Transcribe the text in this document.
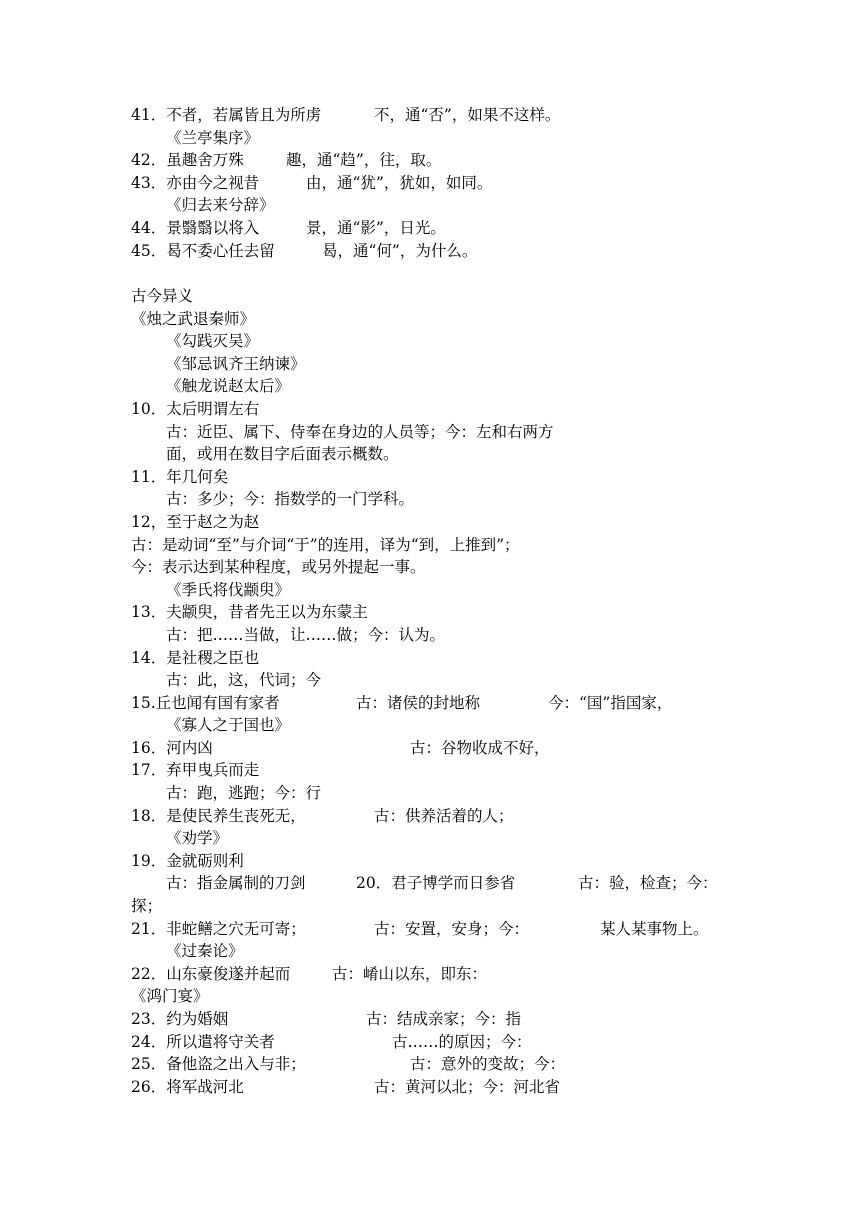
41．不者，若属皆且为所虏	不，通“否”，如果不这样。
《兰亭集序》
42．虽趣舍万殊	趣，通“趋”，往，取。
43．亦由今之视昔	由，通“犹”，犹如，如同。
《归去来兮辞》
44．景翳翳以将入	景，通“影”，日光。
45．曷不委心任去留	曷，通“何”，为什么。
古今异义
《烛之武退秦师》
《勾践灭吴》
《邹忌讽齐王纳谏》
《触龙说赵太后》
10．太后明谓左右
古：近臣、属下、侍奉在身边的人员等；今：左和右两方
面，或用在数目字后面表示概数。
11．年几何矣
古：多少；今：指数学的一门学科。
12，至于赵之为赵
古：是动词“至”与介词“于”的连用，译为“到，上推到”；
今：表示达到某种程度，或另外提起一事。
《季氏将伐颛臾》
13．夫颛臾，昔者先王以为东蒙主
古：把……当做，让……做；今：认为。
14．是社稷之臣也
古：此，这，代词；今
15.丘也闻有国有家者	古：诸侯的封地称	今：“国”指国家，
《寡人之于国也》
16．河内凶	古：谷物收成不好，
17．弃甲曳兵而走
古：跑，逃跑；今：行
18．是使民养生丧死无，	古：供养活着的人；
《劝学》
19．金就砺则利
古：指金属制的刀剑	20．君子博学而日参省	古：验，检查；今：
探；
21．非蛇鳝之穴无可寄；	古：安置，安身；今：	某人某事物上。
《过秦论》
22．山东豪俊遂并起而	古：崤山以东，即东：
《鸿门宴》
23．约为婚姻	古：结成亲家；今：指
24．所以遣将守关者	古……的原因；今：
25．备他盗之出入与非；	古：意外的变故；今：
26．将军战河北	古：黄河以北；今：河北省
